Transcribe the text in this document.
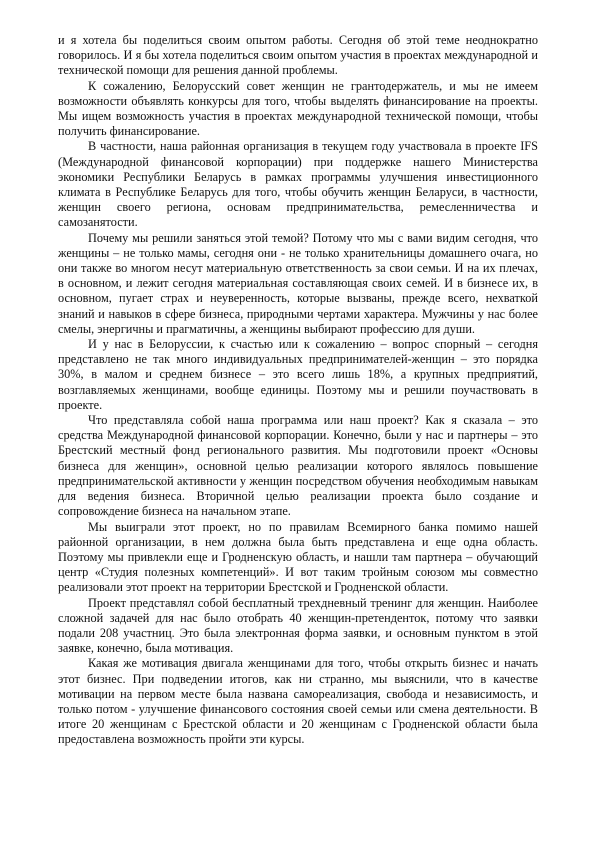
и я хотела бы поделиться своим опытом работы. Сегодня об этой теме неоднократно говорилось. И я бы хотела поделиться своим опытом участия в проектах международной и технической помощи для решения данной проблемы.

К сожалению, Белорусский совет женщин не грантодержатель, и мы не имеем возможности объявлять конкурсы для того, чтобы выделять финансирование на проекты. Мы ищем возможность участия в проектах международной технической помощи, чтобы получить финансирование.

В частности, наша районная организация в текущем году участвовала в проекте IFS (Международной финансовой корпорации) при поддержке нашего Министерства экономики Республики Беларусь в рамках программы улучшения инвестиционного климата в Республике Беларусь для того, чтобы обучить женщин Беларуси, в частности, женщин своего региона, основам предпринимательства, ремесленничества и самозанятости.

Почему мы решили заняться этой темой? Потому что мы с вами видим сегодня, что женщины – не только мамы, сегодня они - не только хранительницы домашнего очага, но они также во многом несут материальную ответственность за свои семьи. И на их плечах, в основном, и лежит сегодня материальная составляющая своих семей. И в бизнесе их, в основном, пугает страх и неуверенность, которые вызваны, прежде всего, нехваткой знаний и навыков в сфере бизнеса, природными чертами характера. Мужчины у нас более смелы, энергичны и прагматичны, а женщины выбирают профессию для души.

И у нас в Белоруссии, к счастью или к сожалению – вопрос спорный – сегодня представлено не так много индивидуальных предпринимателей-женщин – это порядка 30%, в малом и среднем бизнесе – это всего лишь 18%, а крупных предприятий, возглавляемых женщинами, вообще единицы. Поэтому мы и решили поучаствовать в проекте.

Что представляла собой наша программа или наш проект? Как я сказала – это средства Международной финансовой корпорации. Конечно, были у нас и партнеры – это Брестский местный фонд регионального развития. Мы подготовили проект «Основы бизнеса для женщин», основной целью реализации которого являлось повышение предпринимательской активности у женщин посредством обучения необходимым навыкам для ведения бизнеса. Вторичной целью реализации проекта было создание и сопровождение бизнеса на начальном этапе.

Мы выиграли этот проект, но по правилам Всемирного банка помимо нашей районной организации, в нем должна была быть представлена и еще одна область. Поэтому мы привлекли еще и Гродненскую область, и нашли там партнера – обучающий центр «Студия полезных компетенций». И вот таким тройным союзом мы совместно реализовали этот проект на территории Брестской и Гродненской области.

Проект представлял собой бесплатный трехдневный тренинг для женщин. Наиболее сложной задачей для нас было отобрать 40 женщин-претенденток, потому что заявки подали 208 участниц. Это была электронная форма заявки, и основным пунктом в этой заявке, конечно, была мотивация.

Какая же мотивация двигала женщинами для того, чтобы открыть бизнес и начать этот бизнес. При подведении итогов, как ни странно, мы выяснили, что в качестве мотивации на первом месте была названа самореализация, свобода и независимость, и только потом - улучшение финансового состояния своей семьи или смена деятельности. В итоге 20 женщинам с Брестской области и 20 женщинам с Гродненской области была предоставлена возможность пройти эти курсы.
